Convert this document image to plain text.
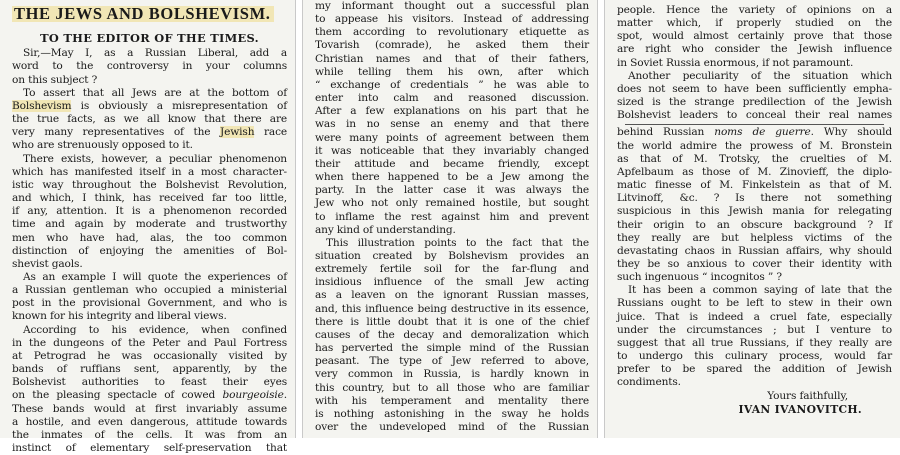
THE JEWS AND BOLSHEVISM.
TO THE EDITOR OF THE TIMES.
Sir,—May I, as a Russian Liberal, add a
word to the controversy in your columns
on this subject ?
To assert that all Jews are at the bottom of
Bolshevism is obviously a misrepresentation of
the true facts, as we all know that there are
very many representatives of the Jewish race
who are strenuously opposed to it.
There exists, however, a peculiar phenomenon
which has manifested itself in a most character-
istic way throughout the Bolshevist Revolution,
and which, I think, has received far too little,
if any, attention. It is a phenomenon recorded
time and again by moderate and trustworthy
men who have had, alas, the too common
distinction of enjoying the amenities of Bol-
shevist gaols.
As an example I will quote the experiences of
a Russian gentleman who occupied a ministerial
post in the provisional Government, and who is
known for his integrity and liberal views.
According to his evidence, when confined
in the dungeons of the Peter and Paul Fortress
at Petrograd he was occasionally visited by
bands of ruffians sent, apparently, by the
Bolshevist authorities to feast their eyes
on the pleasing spectacle of cowed bourgeoisie.
These bands would at first invariably assume
a hostile, and even dangerous, attitude towards
the inmates of the cells. It was from an
instinct of elementary self-preservation that
my informant thought out a successful plan
to appease his visitors. Instead of addressing
them according to revolutionary etiquette as
Tovarish (comrade), he asked them their
Christian names and that of their fathers,
while telling them his own, after which
“ exchange of credentials ” he was able to
enter into calm and reasoned discussion.
After a few explanations on his part that he
was in no sense an enemy and that there
were many points of agreement between them
it was noticeable that they invariably changed
their attitude and became friendly, except
when there happened to be a Jew among the
party. In the latter case it was always the
Jew who not only remained hostile, but sought
to inflame the rest against him and prevent
any kind of understanding.
This illustration points to the fact that the
situation created by Bolshevism provides an
extremely fertile soil for the far-flung and
insidious influence of the small Jew acting
as a leaven on the ignorant Russian masses,
and, this influence being destructive in its essence,
there is little doubt that it is one of the chief
causes of the decay and demoralization which
has perverted the simple mind of the Russian
peasant. The type of Jew referred to above,
very common in Russia, is hardly known in
this country, but to all those who are familiar
with his temperament and mentality there
is nothing astonishing in the sway he holds
over the undeveloped mind of the Russian
people. Hence the variety of opinions on a
matter which, if properly studied on the
spot, would almost certainly prove that those
are right who consider the Jewish influence
in Soviet Russia enormous, if not paramount.
Another peculiarity of the situation which
does not seem to have been sufficiently empha-
sized is the strange predilection of the Jewish
Bolshevist leaders to conceal their real names
behind Russian noms de guerre. Why should
the world admire the prowess of M. Bronstein
as that of M. Trotsky, the cruelties of M.
Apfelbaum as those of M. Zinovieff, the diplo-
matic finesse of M. Finkelstein as that of M.
Litvinoff, &c. ? Is there not something
suspicious in this Jewish mania for relegating
their origin to an obscure background ? If
they really are but helpless victims of the
devastating chaos in Russian affairs, why should
they be so anxious to cover their identity with
such ingenuous “ incognitos ” ?
It has been a common saying of late that the
Russians ought to be left to stew in their own
juice. That is indeed a cruel fate, especially
under the circumstances ; but I venture to
suggest that all true Russians, if they really are
to undergo this culinary process, would far
prefer to be spared the addition of Jewish
condiments.
Yours faithfully,
IVAN IVANOVITCH.
